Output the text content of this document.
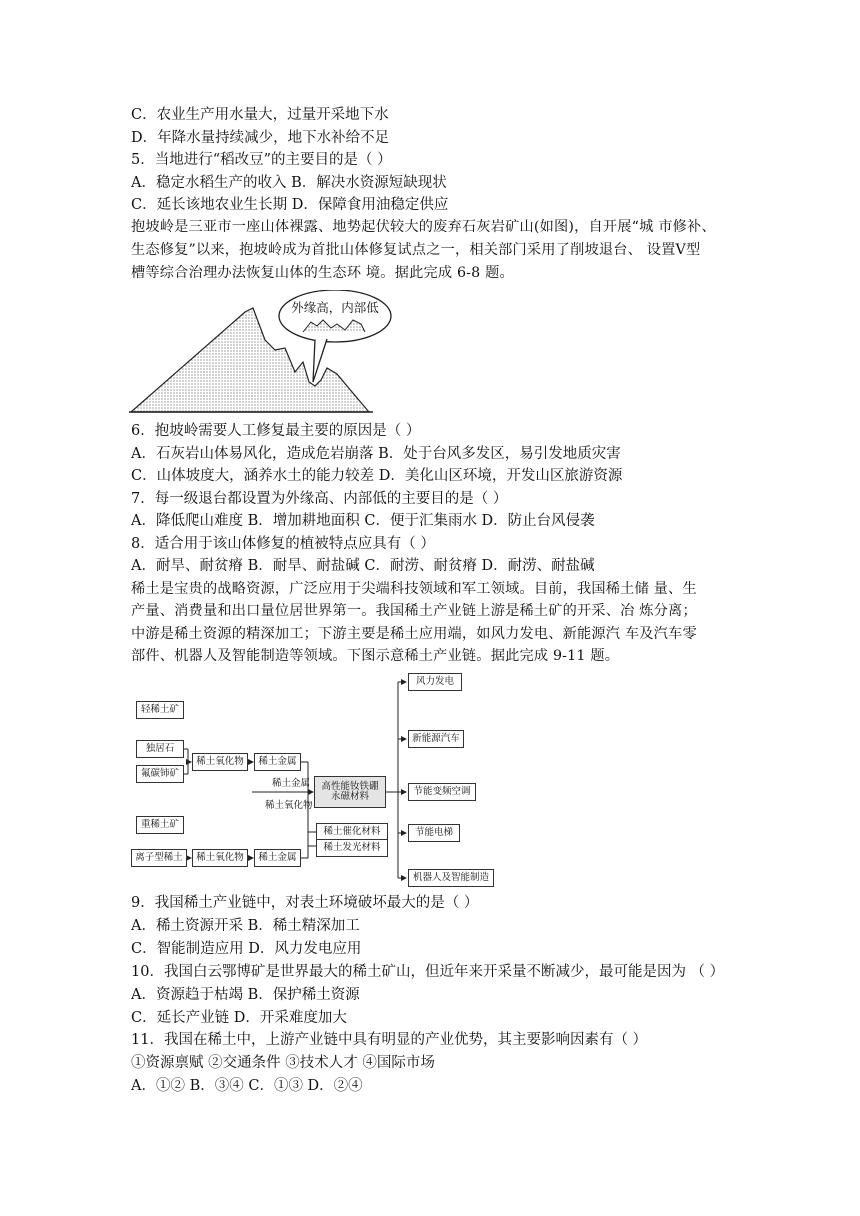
C．农业生产用水量大，过量开采地下水
D．年降水量持续减少，地下水补给不足
5．当地进行“稻改豆”的主要目的是（ ）
A．稳定水稻生产的收入 B．解决水资源短缺现状
C．延长该地农业生长期 D．保障食用油稳定供应
抱坡岭是三亚市一座山体裸露、地势起伏较大的废弃石灰岩矿山(如图)，自开展“城 市修补、
生态修复”以来，抱坡岭成为首批山体修复试点之一，相关部门采用了削坡退台、 设置Ⅴ型
槽等综合治理办法恢复山体的生态环 境。据此完成 6-8 题。
外缘高，内部低
6．抱坡岭需要人工修复最主要的原因是（ ）
A．石灰岩山体易风化，造成危岩崩落 B．处于台风多发区，易引发地质灾害
C．山体坡度大，涵养水土的能力较差 D．美化山区环境，开发山区旅游资源
7．每一级退台都设置为外缘高、内部低的主要目的是（ ）
A．降低爬山难度 B．增加耕地面积 C．便于汇集雨水 D．防止台风侵袭
8．适合用于该山体修复的植被特点应具有（ ）
A．耐旱、耐贫瘠 B．耐旱、耐盐碱 C．耐涝、耐贫瘠 D．耐涝、耐盐碱
稀土是宝贵的战略资源，广泛应用于尖端科技领域和军工领域。目前，我国稀土储 量、生
产量、消费量和出口量位居世界第一。我国稀土产业链上游是稀土矿的开采、冶 炼分离；
中游是稀土资源的精深加工；下游主要是稀土应用端，如风力发电、新能源汽 车及汽车零
部件、机器人及智能制造等领域。下图示意稀土产业链。据此完成 9-11 题。
轻稀土矿
独居石
氟碳铈矿
稀土氧化物	稀土金属
稀土金属
稀土氧化物
高性能钕铁硼
永磁材料
重稀土矿
离子型稀土	稀土氧化物	稀土金属
稀土催化材料
稀土发光材料
风力发电
新能源汽车
节能变频空调
节能电梯
机器人及智能制造
9．我国稀土产业链中，对表土环境破坏最大的是（ ）
A．稀土资源开采 B．稀土精深加工
C．智能制造应用 D．风力发电应用
10．我国白云鄂博矿是世界最大的稀土矿山，但近年来开采量不断减少，最可能是因为 （ ）
A．资源趋于枯竭 B．保护稀土资源
C．延长产业链 D．开采难度加大
11．我国在稀土中，上游产业链中具有明显的产业优势，其主要影响因素有（ ）
①资源禀赋 ②交通条件 ③技术人才 ④国际市场
A．①② B．③④ C．①③ D．②④
